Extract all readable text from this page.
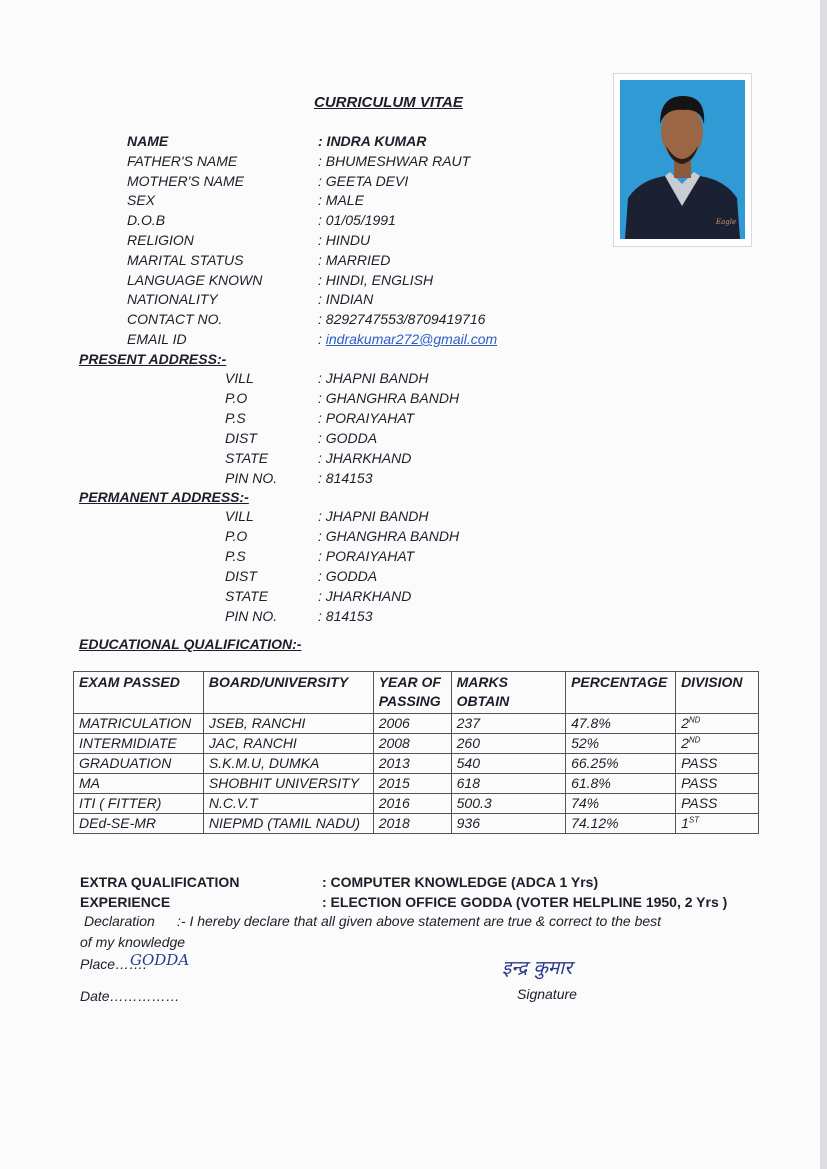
CURRICULUM VITAE
Eagle
NAME	: INDRA KUMAR
FATHER'S NAME	: BHUMESHWAR RAUT
MOTHER'S NAME	: GEETA DEVI
SEX	: MALE
D.O.B	: 01/05/1991
RELIGION	: HINDU
MARITAL STATUS	: MARRIED
LANGUAGE KNOWN	: HINDI, ENGLISH
NATIONALITY	: INDIAN
CONTACT NO.	: 8292747553/8709419716
EMAIL ID	: indrakumar272@gmail.com
PRESENT ADDRESS:-
VILL	: JHAPNI BANDH
P.O	: GHANGHRA BANDH
P.S	: PORAIYAHAT
DIST	: GODDA
STATE	: JHARKHAND
PIN NO.	: 814153
PERMANENT ADDRESS:-
VILL	: JHAPNI BANDH
P.O	: GHANGHRA BANDH
P.S	: PORAIYAHAT
DIST	: GODDA
STATE	: JHARKHAND
PIN NO.	: 814153
EDUCATIONAL QUALIFICATION:-
EXAM PASSED	BOARD/UNIVERSITY	YEAR OF PASSING	MARKS OBTAIN	PERCENTAGE	DIVISION
MATRICULATION	JSEB, RANCHI	2006	237	47.8%	2ND
INTERMIDIATE	JAC, RANCHI	2008	260	52%	2ND
GRADUATION	S.K.M.U, DUMKA	2013	540	66.25%	PASS
MA	SHOBHIT UNIVERSITY	2015	618	61.8%	PASS
ITI ( FITTER)	N.C.V.T	2016	500.3	74%	PASS
DEd-SE-MR	NIEPMD (TAMIL NADU)	2018	936	74.12%	1ST
EXTRA QUALIFICATION	: COMPUTER KNOWLEDGE (ADCA 1 Yrs)
EXPERIENCE	: ELECTION OFFICE GODDA (VOTER HELPLINE 1950, 2 Yrs )
Declaration :- I hereby declare that all given above statement are true & correct to the best
of my knowledge
Place…….
GODDA
Date……………
इन्द्र कुमार
Signature
